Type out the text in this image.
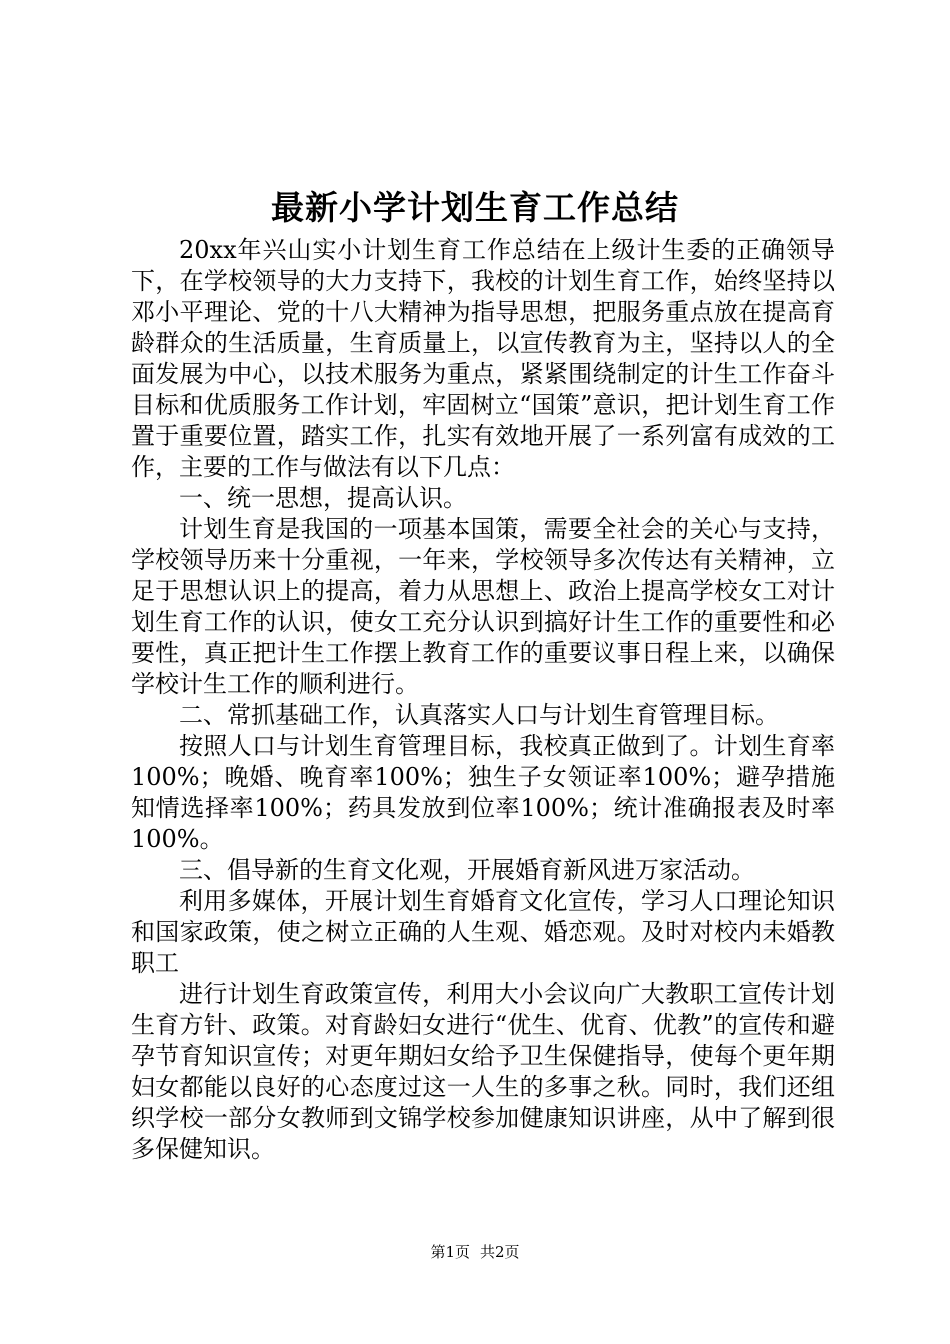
最新小学计划生育工作总结

20xx年兴山实小计划生育工作总结在上级计生委的正确领导下，在学校领导的大力支持下，我校的计划生育工作，始终坚持以邓小平理论、党的十八大精神为指导思想，把服务重点放在提高育龄群众的生活质量，生育质量上，以宣传教育为主，坚持以人的全面发展为中心，以技术服务为重点，紧紧围绕制定的计生工作奋斗目标和优质服务工作计划，牢固树立“国策”意识，把计划生育工作置于重要位置，踏实工作，扎实有效地开展了一系列富有成效的工作，主要的工作与做法有以下几点：

一、统一思想，提高认识。

计划生育是我国的一项基本国策，需要全社会的关心与支持，学校领导历来十分重视，一年来，学校领导多次传达有关精神，立足于思想认识上的提高，着力从思想上、政治上提高学校女工对计划生育工作的认识，使女工充分认识到搞好计生工作的重要性和必要性，真正把计生工作摆上教育工作的重要议事日程上来，以确保学校计生工作的顺利进行。

二、常抓基础工作，认真落实人口与计划生育管理目标。

按照人口与计划生育管理目标，我校真正做到了。计划生育率100%；晚婚、晚育率100%；独生子女领证率100%；避孕措施知情选择率100%；药具发放到位率100%；统计准确报表及时率100%。

三、倡导新的生育文化观，开展婚育新风进万家活动。

利用多媒体，开展计划生育婚育文化宣传，学习人口理论知识和国家政策，使之树立正确的人生观、婚恋观。及时对校内未婚教职工

进行计划生育政策宣传，利用大小会议向广大教职工宣传计划生育方针、政策。对育龄妇女进行“优生、优育、优教”的宣传和避孕节育知识宣传；对更年期妇女给予卫生保健指导，使每个更年期妇女都能以良好的心态度过这一人生的多事之秋。同时，我们还组织学校一部分女教师到文锦学校参加健康知识讲座，从中了解到很多保健知识。

第1页 共2页
